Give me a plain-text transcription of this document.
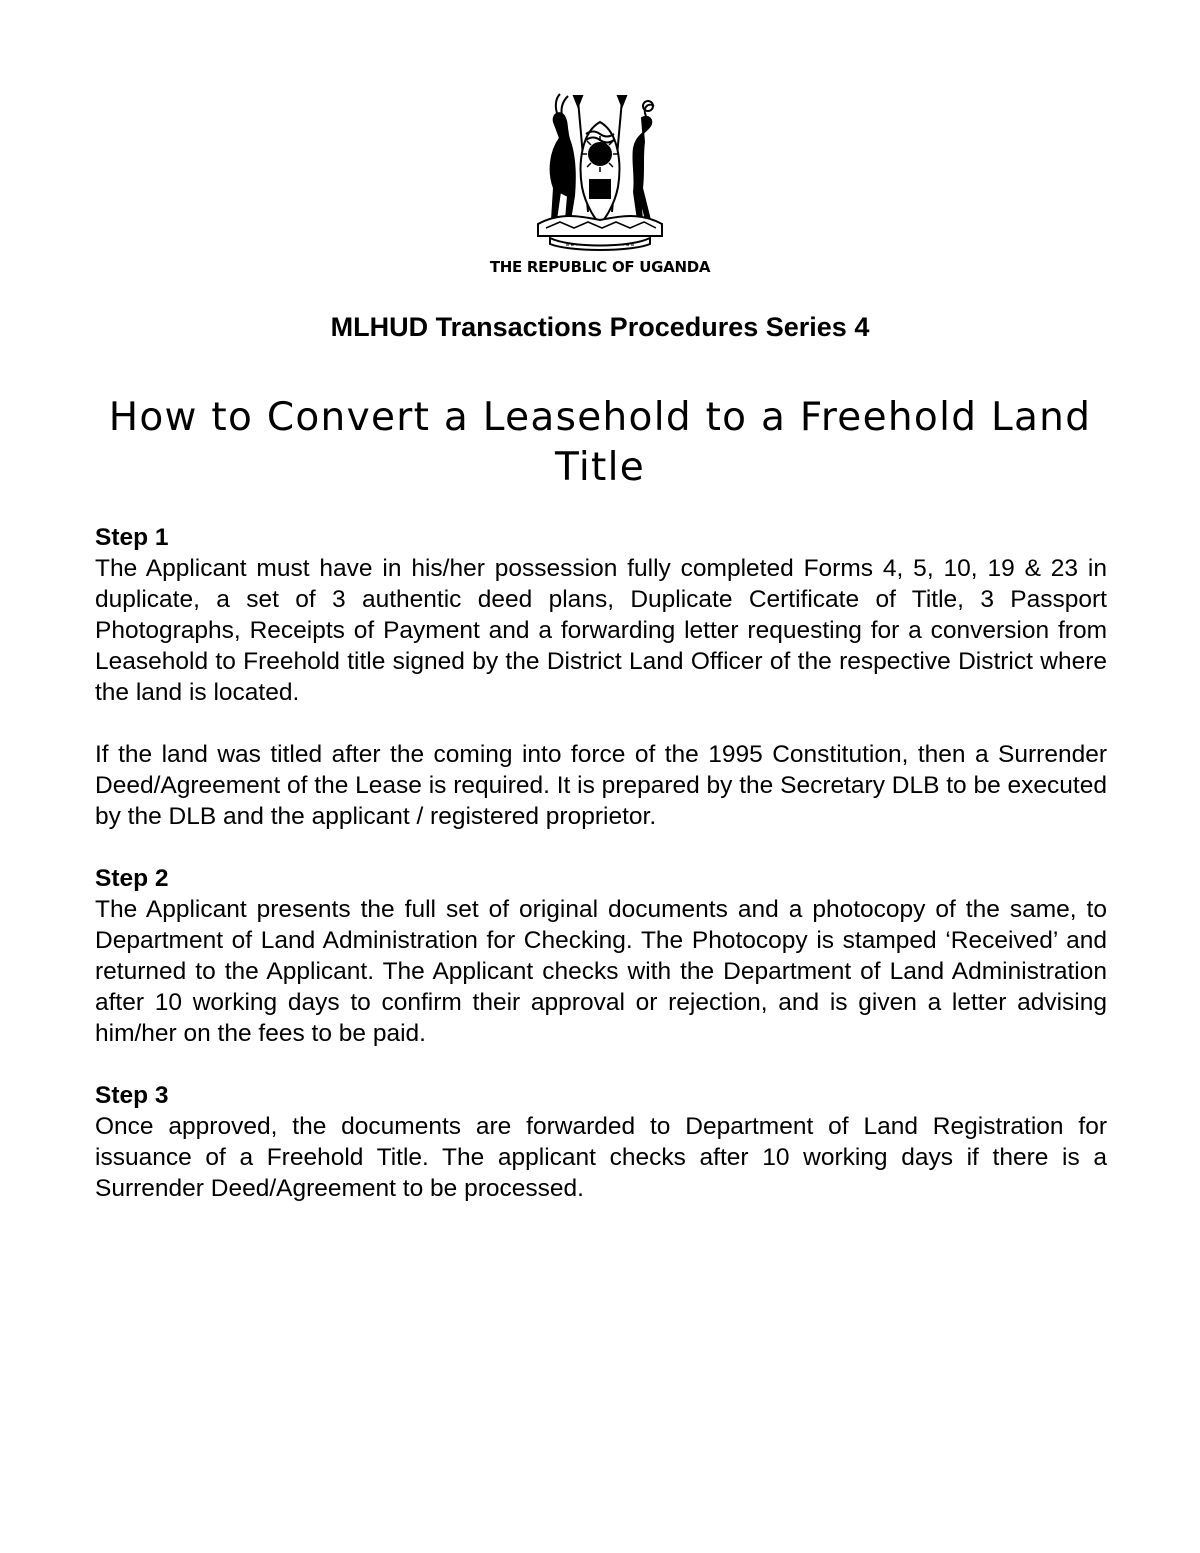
THE REPUBLIC OF UGANDA
MLHUD Transactions Procedures Series 4
How to Convert a Leasehold to a Freehold Land Title

Step 1

The Applicant must have in his/her possession fully completed Forms 4, 5, 10, 19 & 23 in duplicate, a set of 3 authentic deed plans, Duplicate Certificate of Title, 3 Passport Photographs, Receipts of Payment and a forwarding letter requesting for a conversion from Leasehold to Freehold title signed by the District Land Officer of the respective District where the land is located.

If the land was titled after the coming into force of the 1995 Constitution, then a Surrender Deed/Agreement of the Lease is required. It is prepared by the Secretary DLB to be executed by the DLB and the applicant / registered proprietor.

Step 2

The Applicant presents the full set of original documents and a photocopy of the same, to Department of Land Administration for Checking. The Photocopy is stamped ‘Received’ and returned to the Applicant. The Applicant checks with the Department of Land Administration after 10 working days to confirm their approval or rejection, and is given a letter advising him/her on the fees to be paid.

Step 3

Once approved, the documents are forwarded to Department of Land Registration for issuance of a Freehold Title. The applicant checks after 10 working days if there is a Surrender Deed/Agreement to be processed.
